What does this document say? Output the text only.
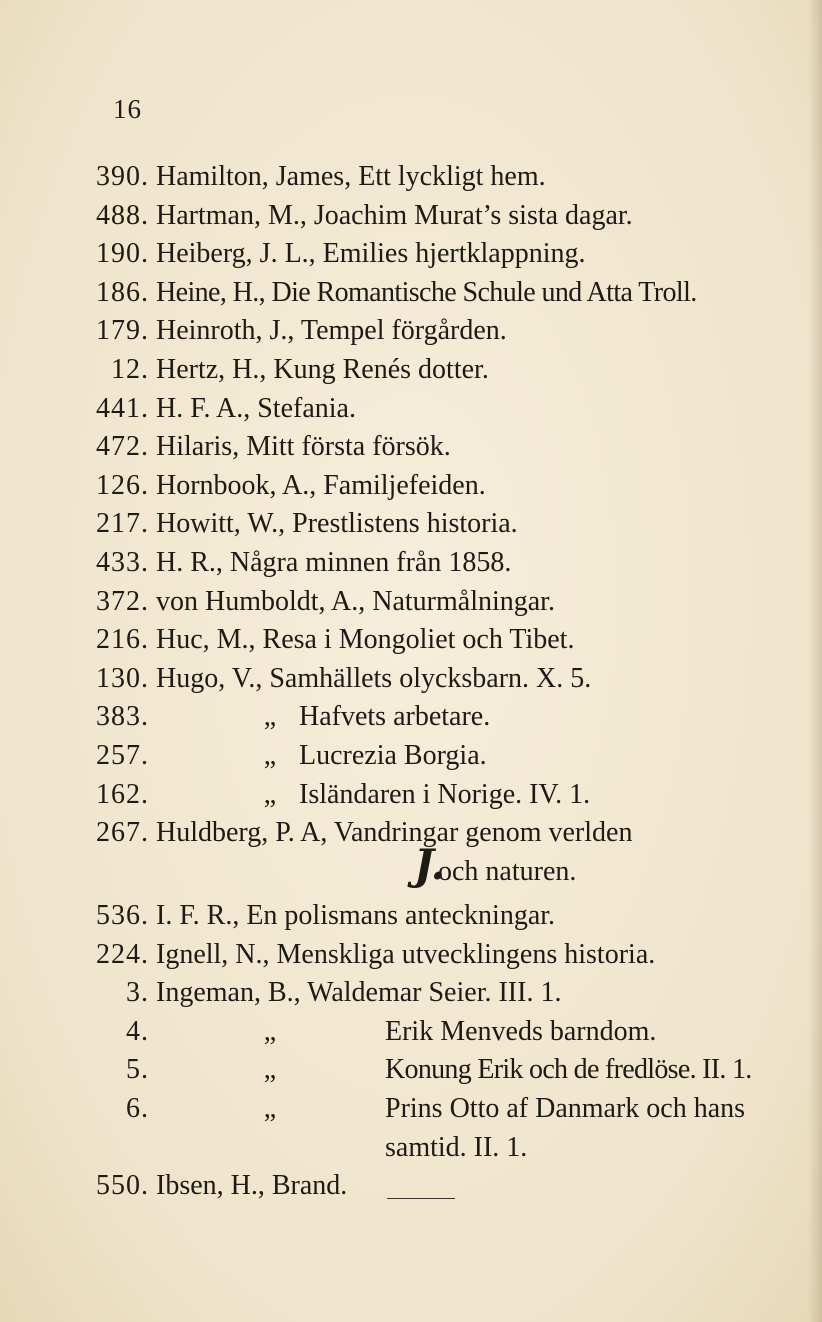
16
390. Hamilton, James, Ett lyckligt hem.
488. Hartman, M., Joachim Murat’s sista dagar.
190. Heiberg, J. L., Emilies hjertklappning.
186. Heine, H., Die Romantische Schule und Atta Troll.
179. Heinroth, J., Tempel förgården.
12. Hertz, H., Kung Renés dotter.
441. H. F. A., Stefania.
472. Hilaris, Mitt första försök.
126. Hornbook, A., Familjefeiden.
217. Howitt, W., Prestlistens historia.
433. H. R., Några minnen från 1858.
372. von Humboldt, A., Naturmålningar.
216. Huc, M., Resa i Mongoliet och Tibet.
130. Hugo, V., Samhällets olycksbarn. X. 5.
383.	„ Hafvets arbetare.
257.	„ Lucrezia Borgia.
162.	„ Isländaren i Norige. IV. 1.
267. Huldberg, P. A, Vandringar genom verlden
och naturen.
J.
536. I. F. R., En polismans anteckningar.
224. Ignell, N., Menskliga utvecklingens historia.
3. Ingeman, B., Waldemar Seier. III. 1.
4.	„	Erik Menveds barndom.
5.	„	Konung Erik och de fredlöse. II. 1.
6.	„	Prins Otto af Danmark och hans
samtid. II. 1.
550. Ibsen, H., Brand.
